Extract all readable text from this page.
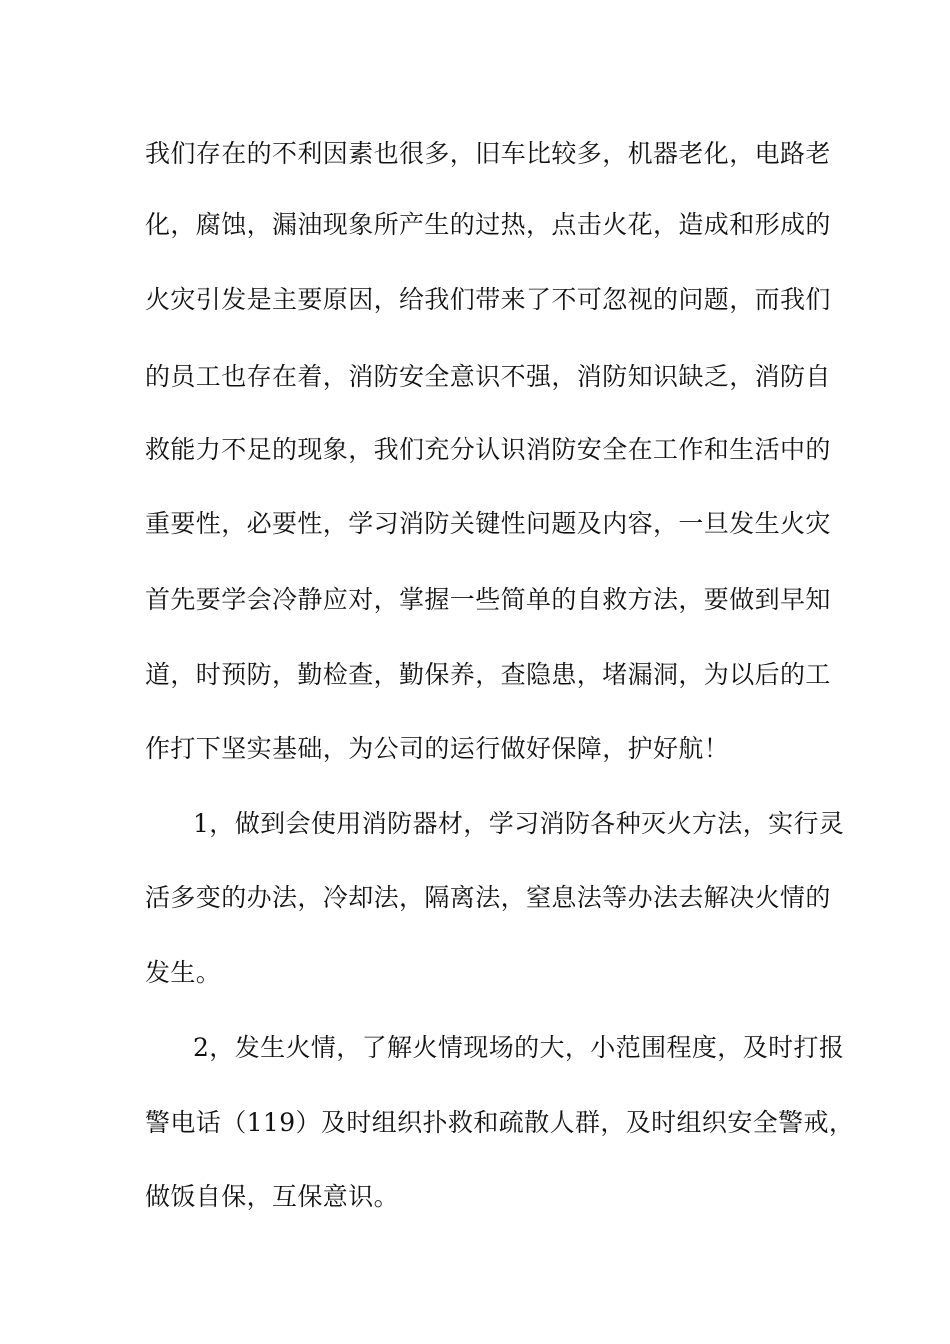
我们存在的不利因素也很多，旧车比较多，机器老化，电路老
化，腐蚀，漏油现象所产生的过热，点击火花，造成和形成的
火灾引发是主要原因，给我们带来了不可忽视的问题，而我们
的员工也存在着，消防安全意识不强，消防知识缺乏，消防自
救能力不足的现象，我们充分认识消防安全在工作和生活中的
重要性，必要性，学习消防关键性问题及内容，一旦发生火灾
首先要学会冷静应对，掌握一些简单的自救方法，要做到早知
道，时预防，勤检查，勤保养，查隐患，堵漏洞，为以后的工
作打下坚实基础，为公司的运行做好保障，护好航！
1，做到会使用消防器材，学习消防各种灭火方法，实行灵
活多变的办法，冷却法，隔离法，窒息法等办法去解决火情的
发生。
2，发生火情，了解火情现场的大，小范围程度，及时打报
警电话（119）及时组织扑救和疏散人群，及时组织安全警戒，
做饭自保，互保意识。
